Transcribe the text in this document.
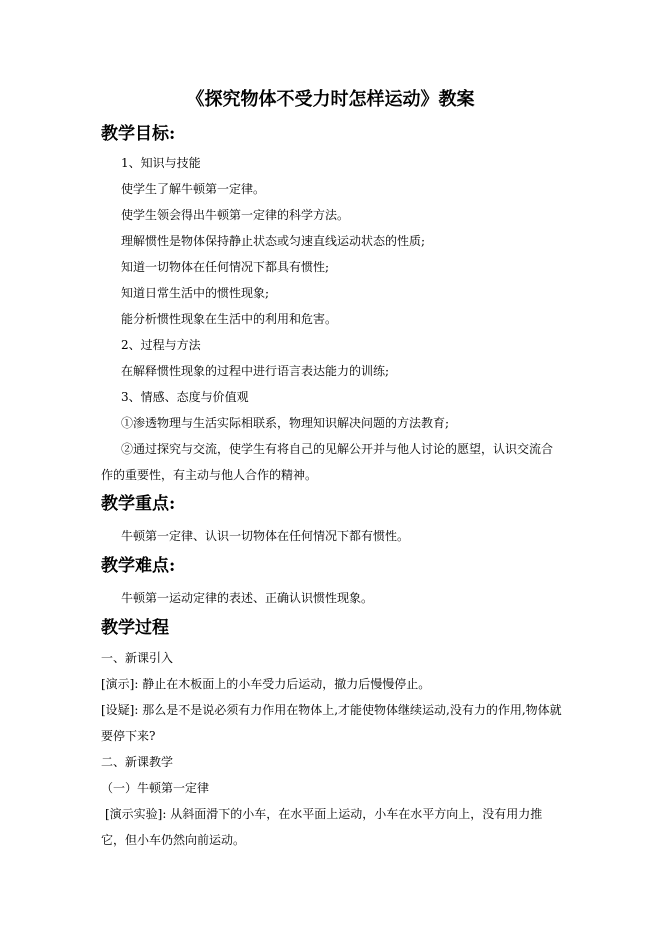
《探究物体不受力时怎样运动》教案
教学目标:
1、知识与技能
使学生了解牛顿第一定律。
使学生领会得出牛顿第一定律的科学方法。
理解惯性是物体保持静止状态或匀速直线运动状态的性质;
知道一切物体在任何情况下都具有惯性;
知道日常生活中的惯性现象;
能分析惯性现象在生活中的利用和危害。
2、过程与方法
在解释惯性现象的过程中进行语言表达能力的训练;
3、情感、态度与价值观
①渗透物理与生活实际相联系，物理知识解决问题的方法教育;
②通过探究与交流，使学生有将自己的见解公开并与他人讨论的愿望，认识交流合作的重要性，有主动与他人合作的精神。
教学重点:
牛顿第一定律、认识一切物体在任何情况下都有惯性。
教学难点:
牛顿第一运动定律的表述、正确认识惯性现象。
教学过程
一、新课引入
[演示]: 静止在木板面上的小车受力后运动，撤力后慢慢停止。
[设疑]: 那么是不是说必须有力作用在物体上,才能使物体继续运动,没有力的作用,物体就要停下来?
二、新课教学
（一）牛顿第一定律
[演示实验]: 从斜面滑下的小车，在水平面上运动，小车在水平方向上，没有用力推它，但小车仍然向前运动。
